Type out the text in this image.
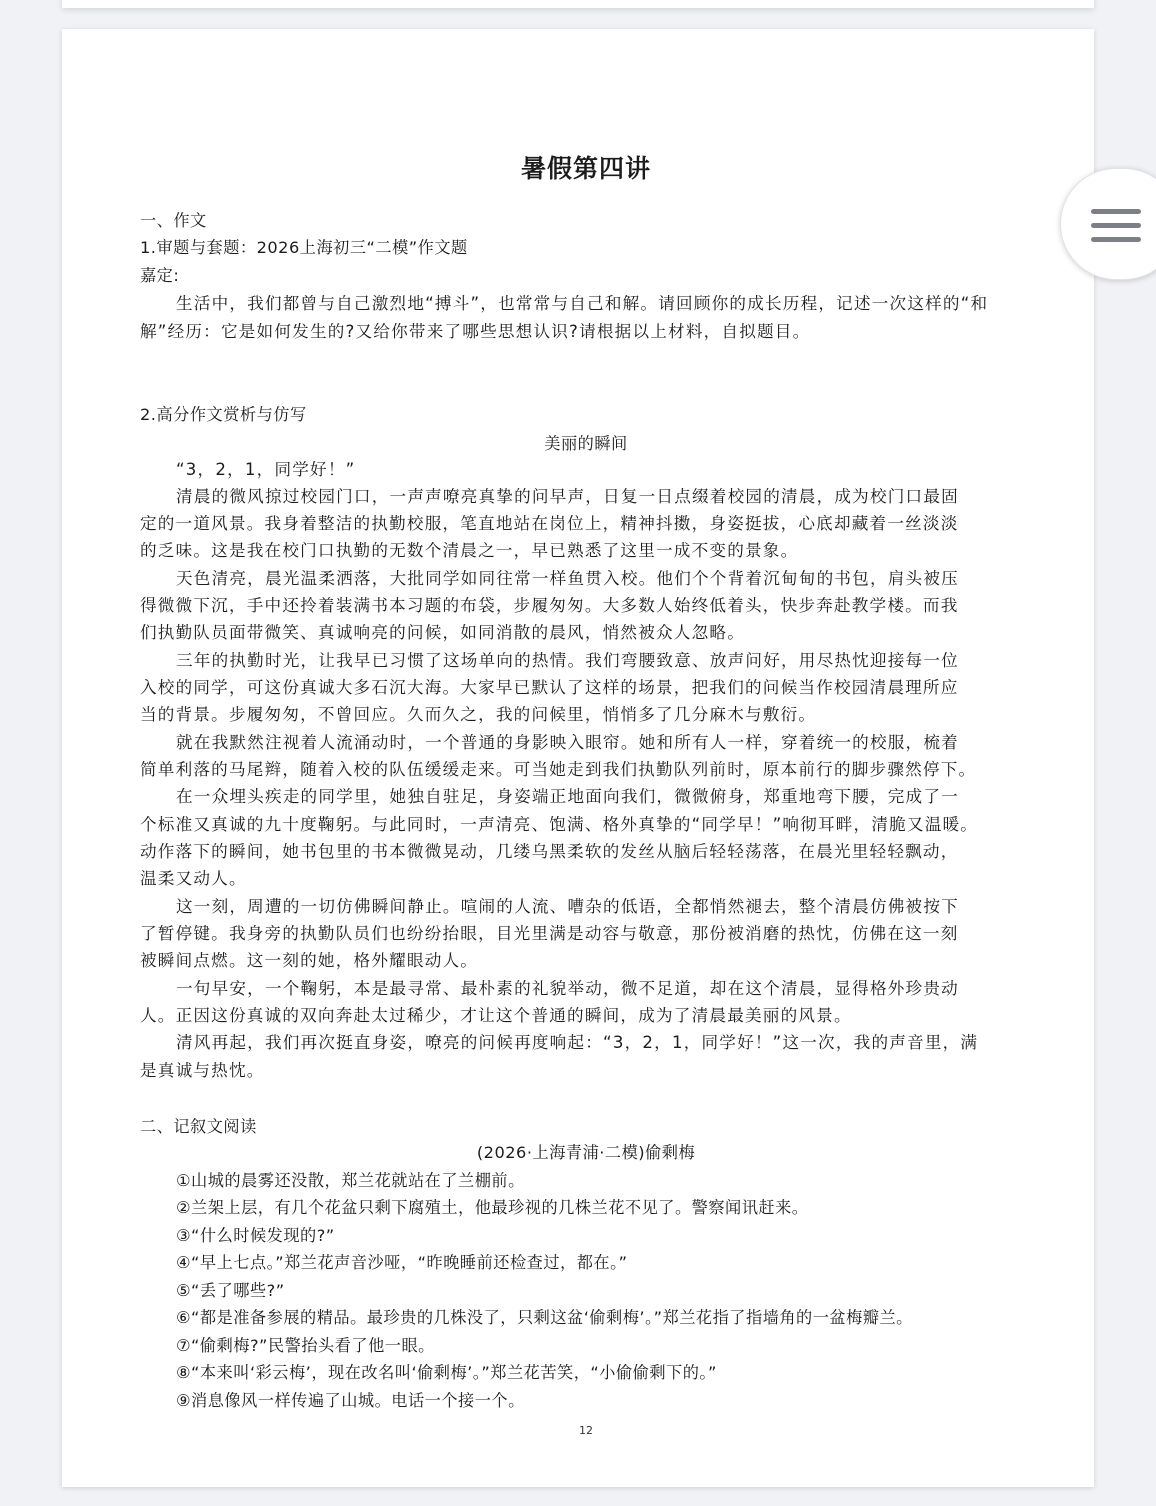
暑假第四讲

一、作文

1.审题与套题：2026上海初三“二模”作文题

嘉定:

生活中，我们都曾与自己激烈地“搏斗”，也常常与自己和解。请回顾你的成长历程，记述一次这样的“和

解”经历：它是如何发生的?又给你带来了哪些思想认识?请根据以上材料，自拟题目。

2.高分作文赏析与仿写

美丽的瞬间

“3，2，1，同学好！”

清晨的微风掠过校园门口，一声声嘹亮真挚的问早声，日复一日点缀着校园的清晨，成为校门口最固

定的一道风景。我身着整洁的执勤校服，笔直地站在岗位上，精神抖擞，身姿挺拔，心底却藏着一丝淡淡

的乏味。这是我在校门口执勤的无数个清晨之一，早已熟悉了这里一成不变的景象。

天色清亮，晨光温柔洒落，大批同学如同往常一样鱼贯入校。他们个个背着沉甸甸的书包，肩头被压

得微微下沉，手中还拎着装满书本习题的布袋，步履匆匆。大多数人始终低着头，快步奔赴教学楼。而我

们执勤队员面带微笑、真诚响亮的问候，如同消散的晨风，悄然被众人忽略。

三年的执勤时光，让我早已习惯了这场单向的热情。我们弯腰致意、放声问好，用尽热忱迎接每一位

入校的同学，可这份真诚大多石沉大海。大家早已默认了这样的场景，把我们的问候当作校园清晨理所应

当的背景。步履匆匆，不曾回应。久而久之，我的问候里，悄悄多了几分麻木与敷衍。

就在我默然注视着人流涌动时，一个普通的身影映入眼帘。她和所有人一样，穿着统一的校服，梳着

简单利落的马尾辫，随着入校的队伍缓缓走来。可当她走到我们执勤队列前时，原本前行的脚步骤然停下。

在一众埋头疾走的同学里，她独自驻足，身姿端正地面向我们，微微俯身，郑重地弯下腰，完成了一

个标准又真诚的九十度鞠躬。与此同时，一声清亮、饱满、格外真挚的“同学早！”响彻耳畔，清脆又温暖。

动作落下的瞬间，她书包里的书本微微晃动，几缕乌黑柔软的发丝从脑后轻轻荡落，在晨光里轻轻飘动，

温柔又动人。

这一刻，周遭的一切仿佛瞬间静止。喧闹的人流、嘈杂的低语，全都悄然褪去，整个清晨仿佛被按下

了暂停键。我身旁的执勤队员们也纷纷抬眼，目光里满是动容与敬意，那份被消磨的热忱，仿佛在这一刻

被瞬间点燃。这一刻的她，格外耀眼动人。

一句早安，一个鞠躬，本是最寻常、最朴素的礼貌举动，微不足道，却在这个清晨，显得格外珍贵动

人。正因这份真诚的双向奔赴太过稀少，才让这个普通的瞬间，成为了清晨最美丽的风景。

清风再起，我们再次挺直身姿，嘹亮的问候再度响起：“3，2，1，同学好！”这一次，我的声音里，满

是真诚与热忱。

二、记叙文阅读

(2026·上海青浦·二模)偷剩梅

①山城的晨雾还没散，郑兰花就站在了兰棚前。

②兰架上层，有几个花盆只剩下腐殖土，他最珍视的几株兰花不见了。警察闻讯赶来。

③“什么时候发现的?”

④“早上七点。”郑兰花声音沙哑，“昨晚睡前还检查过，都在。”

⑤“丢了哪些?”

⑥“都是准备参展的精品。最珍贵的几株没了，只剩这盆‘偷剩梅’。”郑兰花指了指墙角的一盆梅瓣兰。

⑦“偷剩梅?”民警抬头看了他一眼。

⑧“本来叫‘彩云梅’，现在改名叫‘偷剩梅’。”郑兰花苦笑，“小偷偷剩下的。”

⑨消息像风一样传遍了山城。电话一个接一个。

12
